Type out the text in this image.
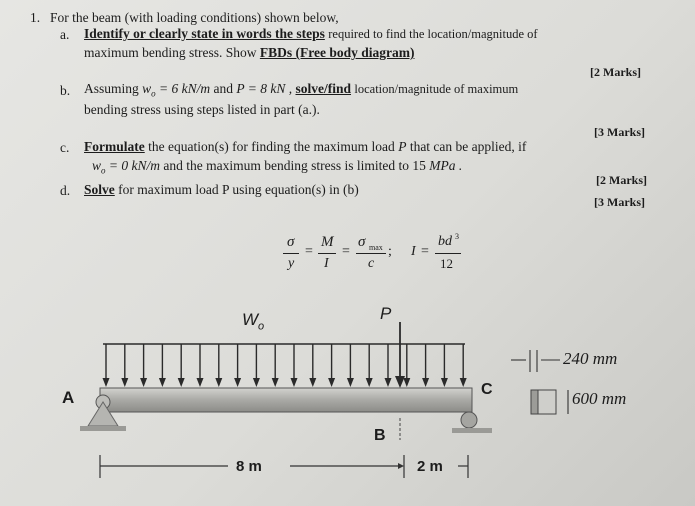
1. For the beam (with loading conditions) shown below,
a. Identify or clearly state in words the steps required to find the location/magnitude of
maximum bending stress. Show FBDs (Free body diagram)
[2 Marks]
b. Assuming $w_o = 6$ kN/m and P = 8 kN , solve/find location/magnitude of maximum
bending stress using steps listed in part (a.).
[3 Marks]
c. Formulate the equation(s) for finding the maximum load P that can be applied, if
$w_o = 0$ kN/m and the maximum bending stress is limited to 15 MPa .
[2 Marks]
d. Solve for maximum load P using equation(s) in (b)
[3 Marks]
σ
y
=
M
I
=
σ max
c
; I =
bd 3
12
$W_o$
P
A	C
B
8 m	2 m
240 mm
600 mm
